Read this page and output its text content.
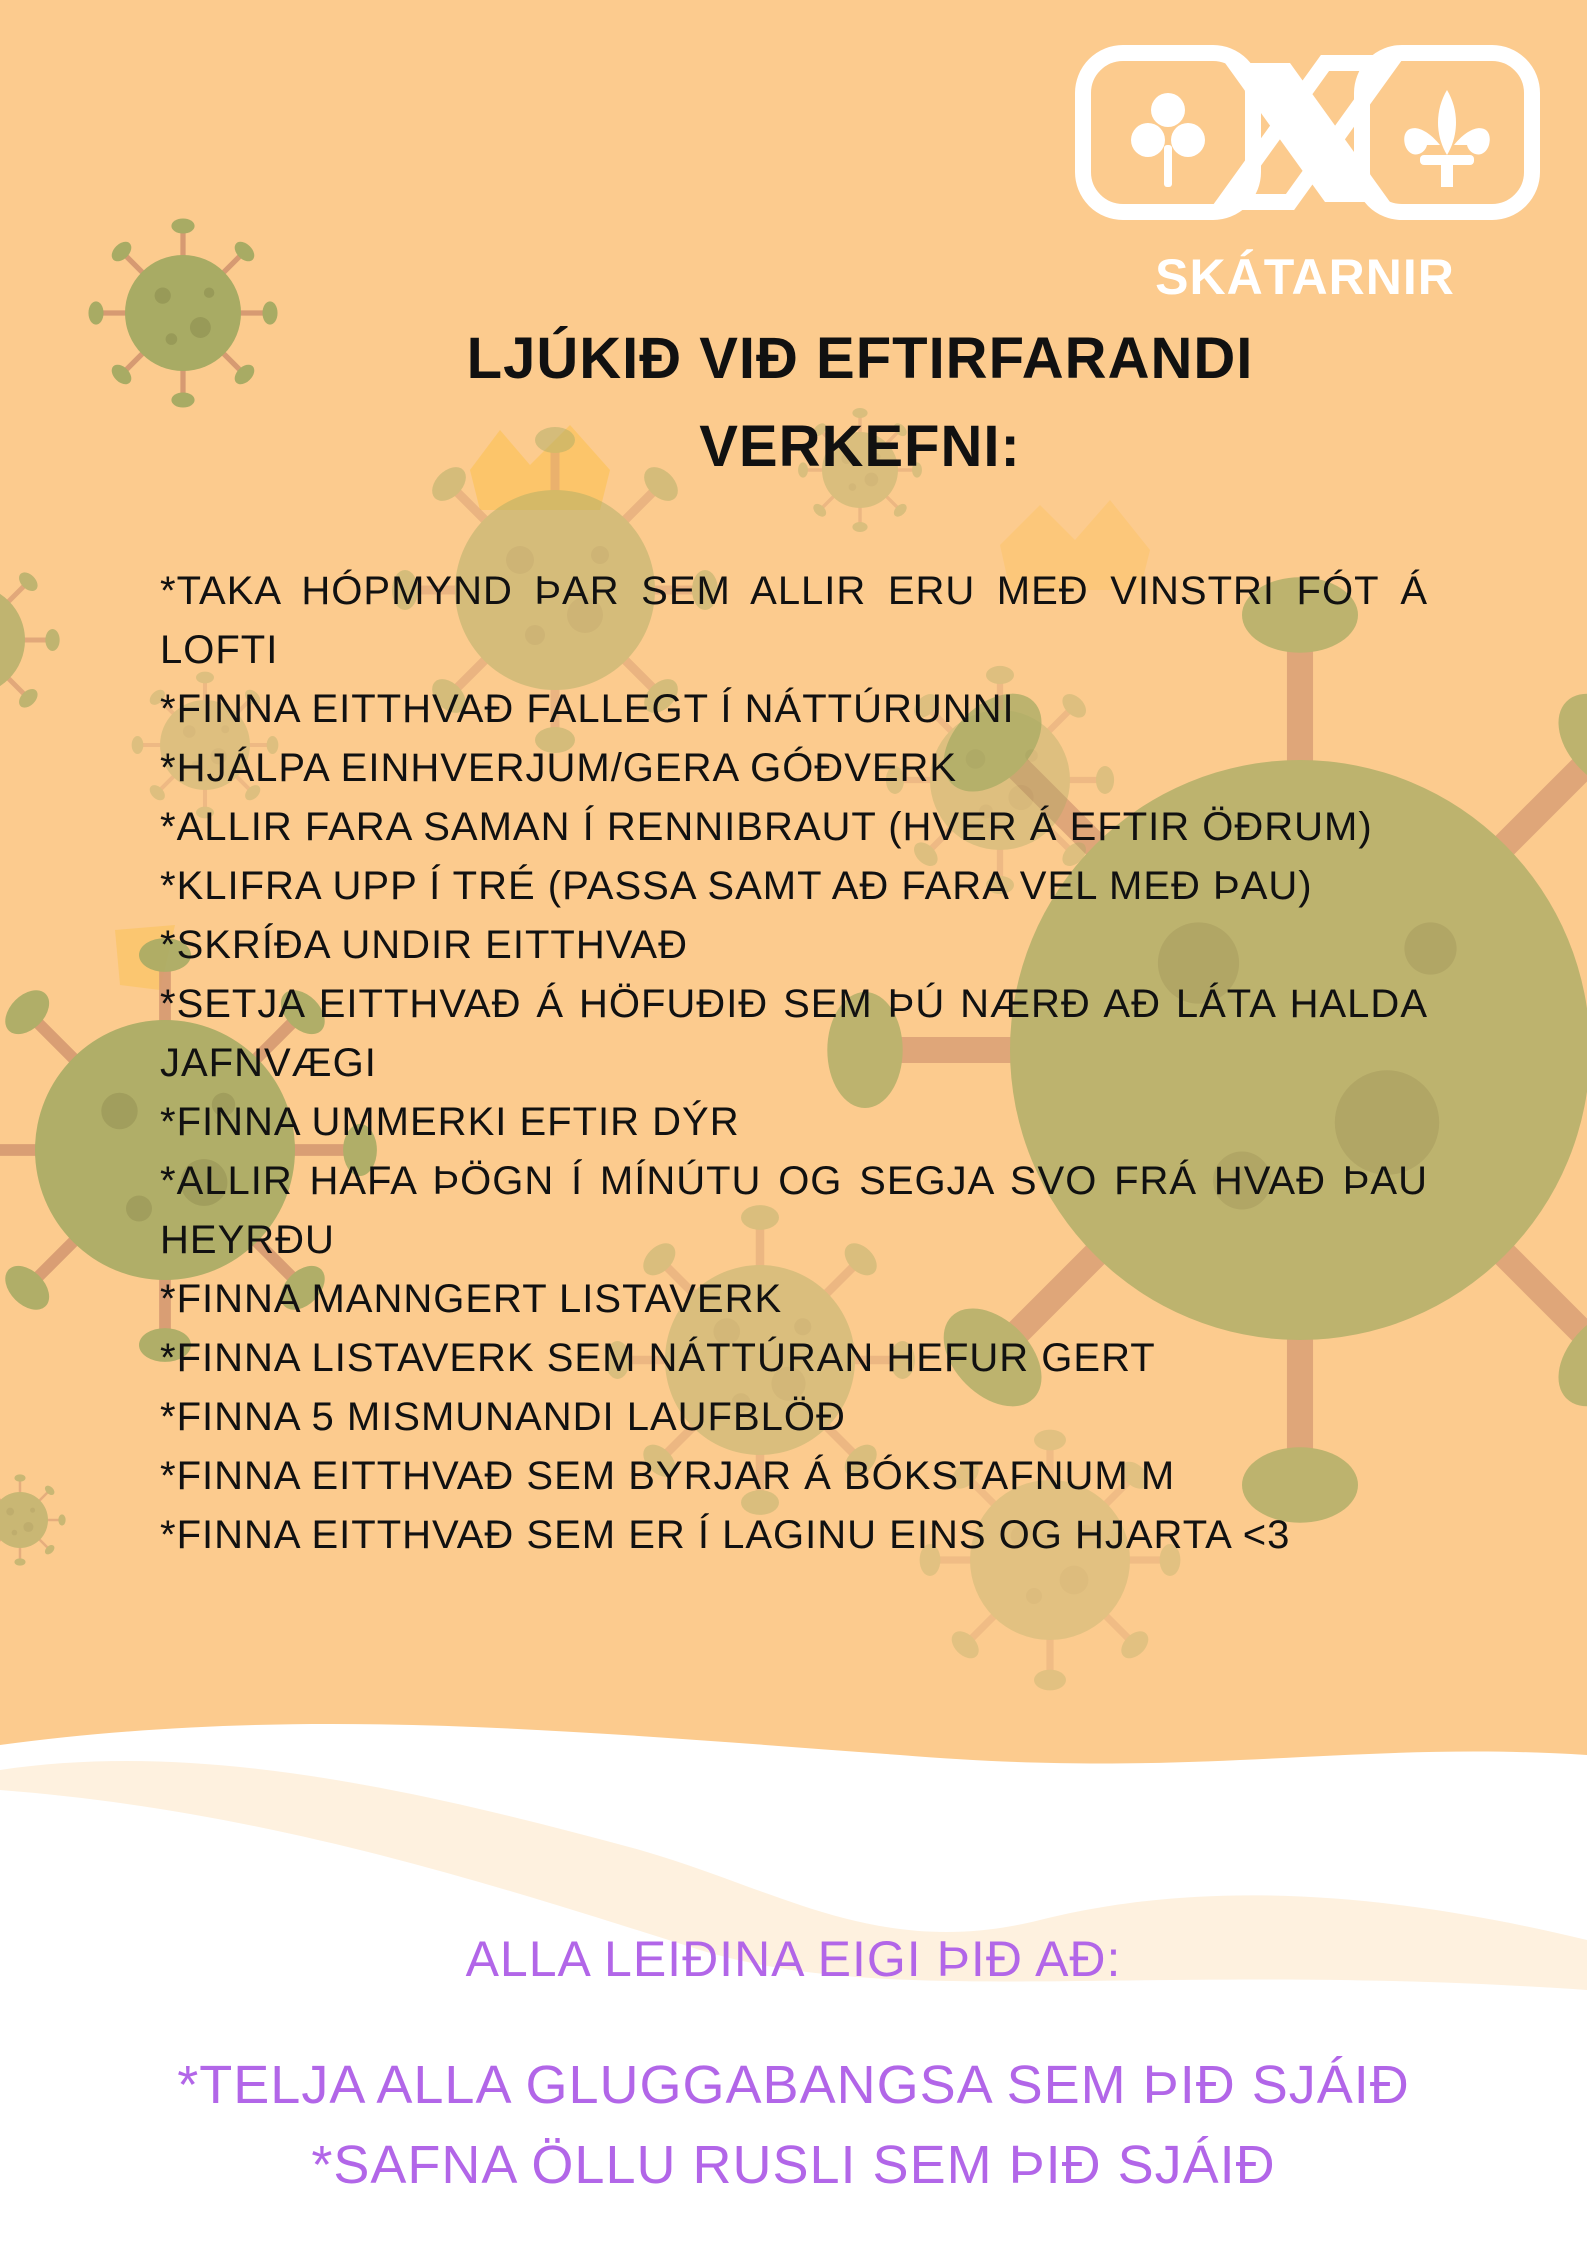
SKÁTARNIR
LJÚKIÐ VIÐ EFTIRFARANDI
VERKEFNI:
*TAKA HÓPMYND ÞAR SEM ALLIR ERU MEÐ VINSTRI FÓT Á LOFTI
*FINNA EITTHVAÐ FALLEGT Í NÁTTÚRUNNI
*HJÁLPA EINHVERJUM/GERA GÓÐVERK
*ALLIR FARA SAMAN Í RENNIBRAUT (HVER Á EFTIR ÖÐRUM)
*KLIFRA UPP Í TRÉ (PASSA SAMT AÐ FARA VEL MEÐ ÞAU)
*SKRÍÐA UNDIR EITTHVAÐ
*SETJA EITTHVAÐ Á HÖFUÐIÐ SEM ÞÚ NÆRÐ AÐ LÁTA HALDA JAFNVÆGI
*FINNA UMMERKI EFTIR DÝR
*ALLIR HAFA ÞÖGN Í MÍNÚTU OG SEGJA SVO FRÁ HVAÐ ÞAU HEYRÐU
*FINNA MANNGERT LISTAVERK
*FINNA LISTAVERK SEM NÁTTÚRAN HEFUR GERT
*FINNA 5 MISMUNANDI LAUFBLÖÐ
*FINNA EITTHVAÐ SEM BYRJAR Á BÓKSTAFNUM M
*FINNA EITTHVAÐ SEM ER Í LAGINU EINS OG HJARTA <3
ALLA LEIÐINA EIGI ÞIÐ AÐ:
*TELJA ALLA GLUGGABANGSA SEM ÞIÐ SJÁIÐ
*SAFNA ÖLLU RUSLI SEM ÞIÐ SJÁIÐ
